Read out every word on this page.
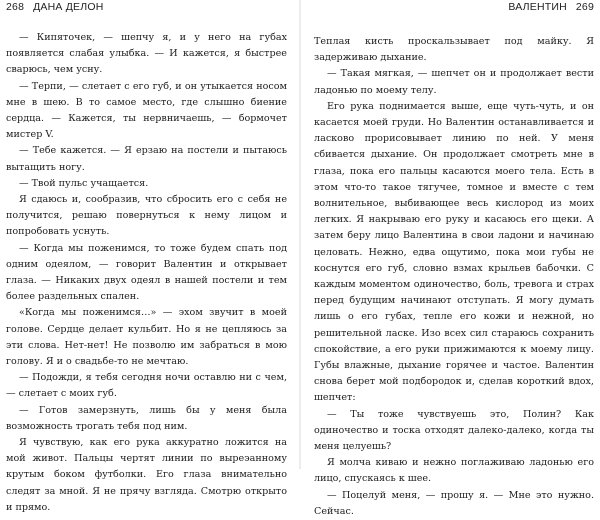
268 ДАНА ДЕЛОН

— Кипяточек, — шепчу я, и у него на губах появляется слабая улыбка. — И кажется, я быстрее сварюсь, чем усну.

— Терпи, — слетает с его губ, и он утыкается носом мне в шею. В то самое место, где слышно биение сердца. — Кажется, ты нервничаешь, — бормочет мистер V.

— Тебе кажется. — Я ерзаю на постели и пытаюсь вытащить ногу.

— Твой пульс учащается.

Я сдаюсь и, сообразив, что сбросить его с себя не получится, решаю повернуться к нему лицом и попробовать уснуть.

— Когда мы поженимся, то тоже будем спать под одним одеялом, — говорит Валентин и открывает глаза. — Никаких двух одеял в нашей постели и тем более раздельных спален.

«Когда мы поженимся…» — эхом звучит в моей голове. Сердце делает кульбит. Но я не цепляюсь за эти слова. Нет-нет! Не позволю им забраться в мою голову. Я и о свадьбе-то не мечтаю.

— Подожди, я тебя сегодня ночи оставлю ни с чем, — слетает с моих губ.

— Готов замерзнуть, лишь бы у меня была возможность трогать тебя под ним.

Я чувствую, как его рука аккуратно ложится на мой живот. Пальцы чертят линии по выреэанному крутым боком футболки. Его глаза внимательно следят за мной. Я не прячу взгляда. Смотрю открыто и прямо.

ВАЛЕНТИН 269

Теплая кисть проскальзывает под майку. Я задерживаю дыхание.

— Такая мягкая, — шепчет он и продолжает вести ладонью по моему телу.

Его рука поднимается выше, еще чуть-чуть, и он касается моей груди. Но Валентин останавливается и ласково прорисовывает линию по ней. У меня сбивается дыхание. Он продолжает смотреть мне в глаза, пока его пальцы касаются моего тела. Есть в этом что-то такое тягучее, томное и вместе с тем волнительное, выбивающее весь кислород из моих легких. Я накрываю его руку и касаюсь его щеки. А затем беру лицо Валентина в свои ладони и начинаю целовать. Нежно, едва ощутимо, пока мои губы не коснутся его губ, словно взмах крыльев бабочки. С каждым моментом одиночество, боль, тревога и страх перед будущим начинают отступать. Я могу думать лишь о его губах, тепле его кожи и нежной, но решительной ласке. Изо всех сил стараюсь сохранить спокойствие, а его руки прижимаются к моему лицу. Губы влажные, дыхание горячее и частое. Валентин снова берет мой подбородок и, сделав короткий вдох, шепчет:

— Ты тоже чувствуешь это, Полин? Как одиночество и тоска отходят далеко-далеко, когда ты меня целуешь?

Я молча киваю и нежно поглаживаю ладонью его лицо, спускаясь к шее.

— Поцелуй меня, — прошу я. — Мне это нужно. Сейчас.
